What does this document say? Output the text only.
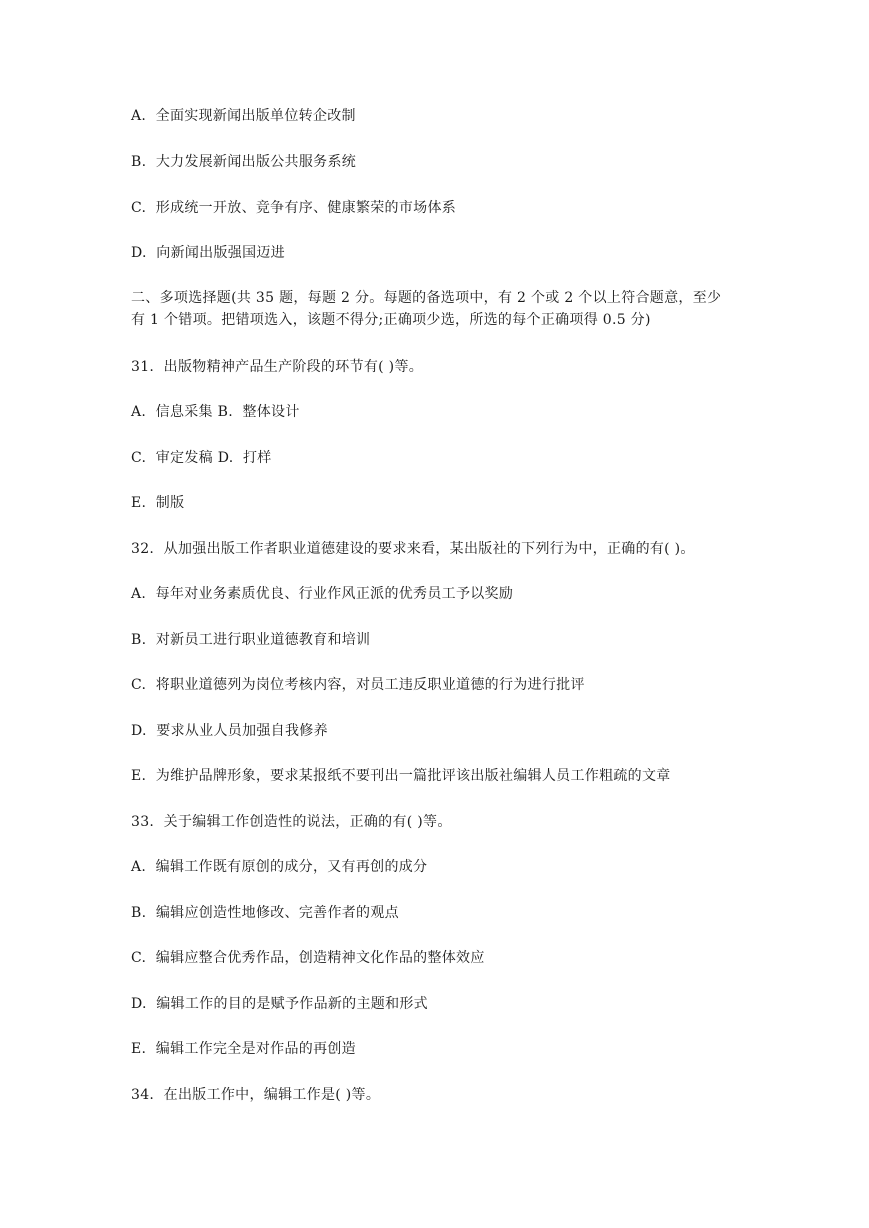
A.  全面实现新闻出版单位转企改制
B.  大力发展新闻出版公共服务系统
C.  形成统一开放、竞争有序、健康繁荣的市场体系
D.  向新闻出版强国迈进
二、多项选择题(共 35 题，每题 2 分。每题的备选项中，有 2 个或 2 个以上符合题意，至少
有 1 个错项。把错项选入，该题不得分;正确项少选，所选的每个正确项得 0.5 分)
31.  出版物精神产品生产阶段的环节有( )等。
A.  信息采集 B.  整体设计
C.  审定发稿 D.  打样
E.  制版
32.  从加强出版工作者职业道德建设的要求来看，某出版社的下列行为中，正确的有( )。
A.  每年对业务素质优良、行业作风正派的优秀员工予以奖励
B.  对新员工进行职业道德教育和培训
C.  将职业道德列为岗位考核内容，对员工违反职业道德的行为进行批评
D.  要求从业人员加强自我修养
E.  为维护品牌形象，要求某报纸不要刊出一篇批评该出版社编辑人员工作粗疏的文章
33.  关于编辑工作创造性的说法，正确的有( )等。
A.  编辑工作既有原创的成分，又有再创的成分
B.  编辑应创造性地修改、完善作者的观点
C.  编辑应整合优秀作品，创造精神文化作品的整体效应
D.  编辑工作的目的是赋予作品新的主题和形式
E.  编辑工作完全是对作品的再创造
34.  在出版工作中，编辑工作是( )等。
